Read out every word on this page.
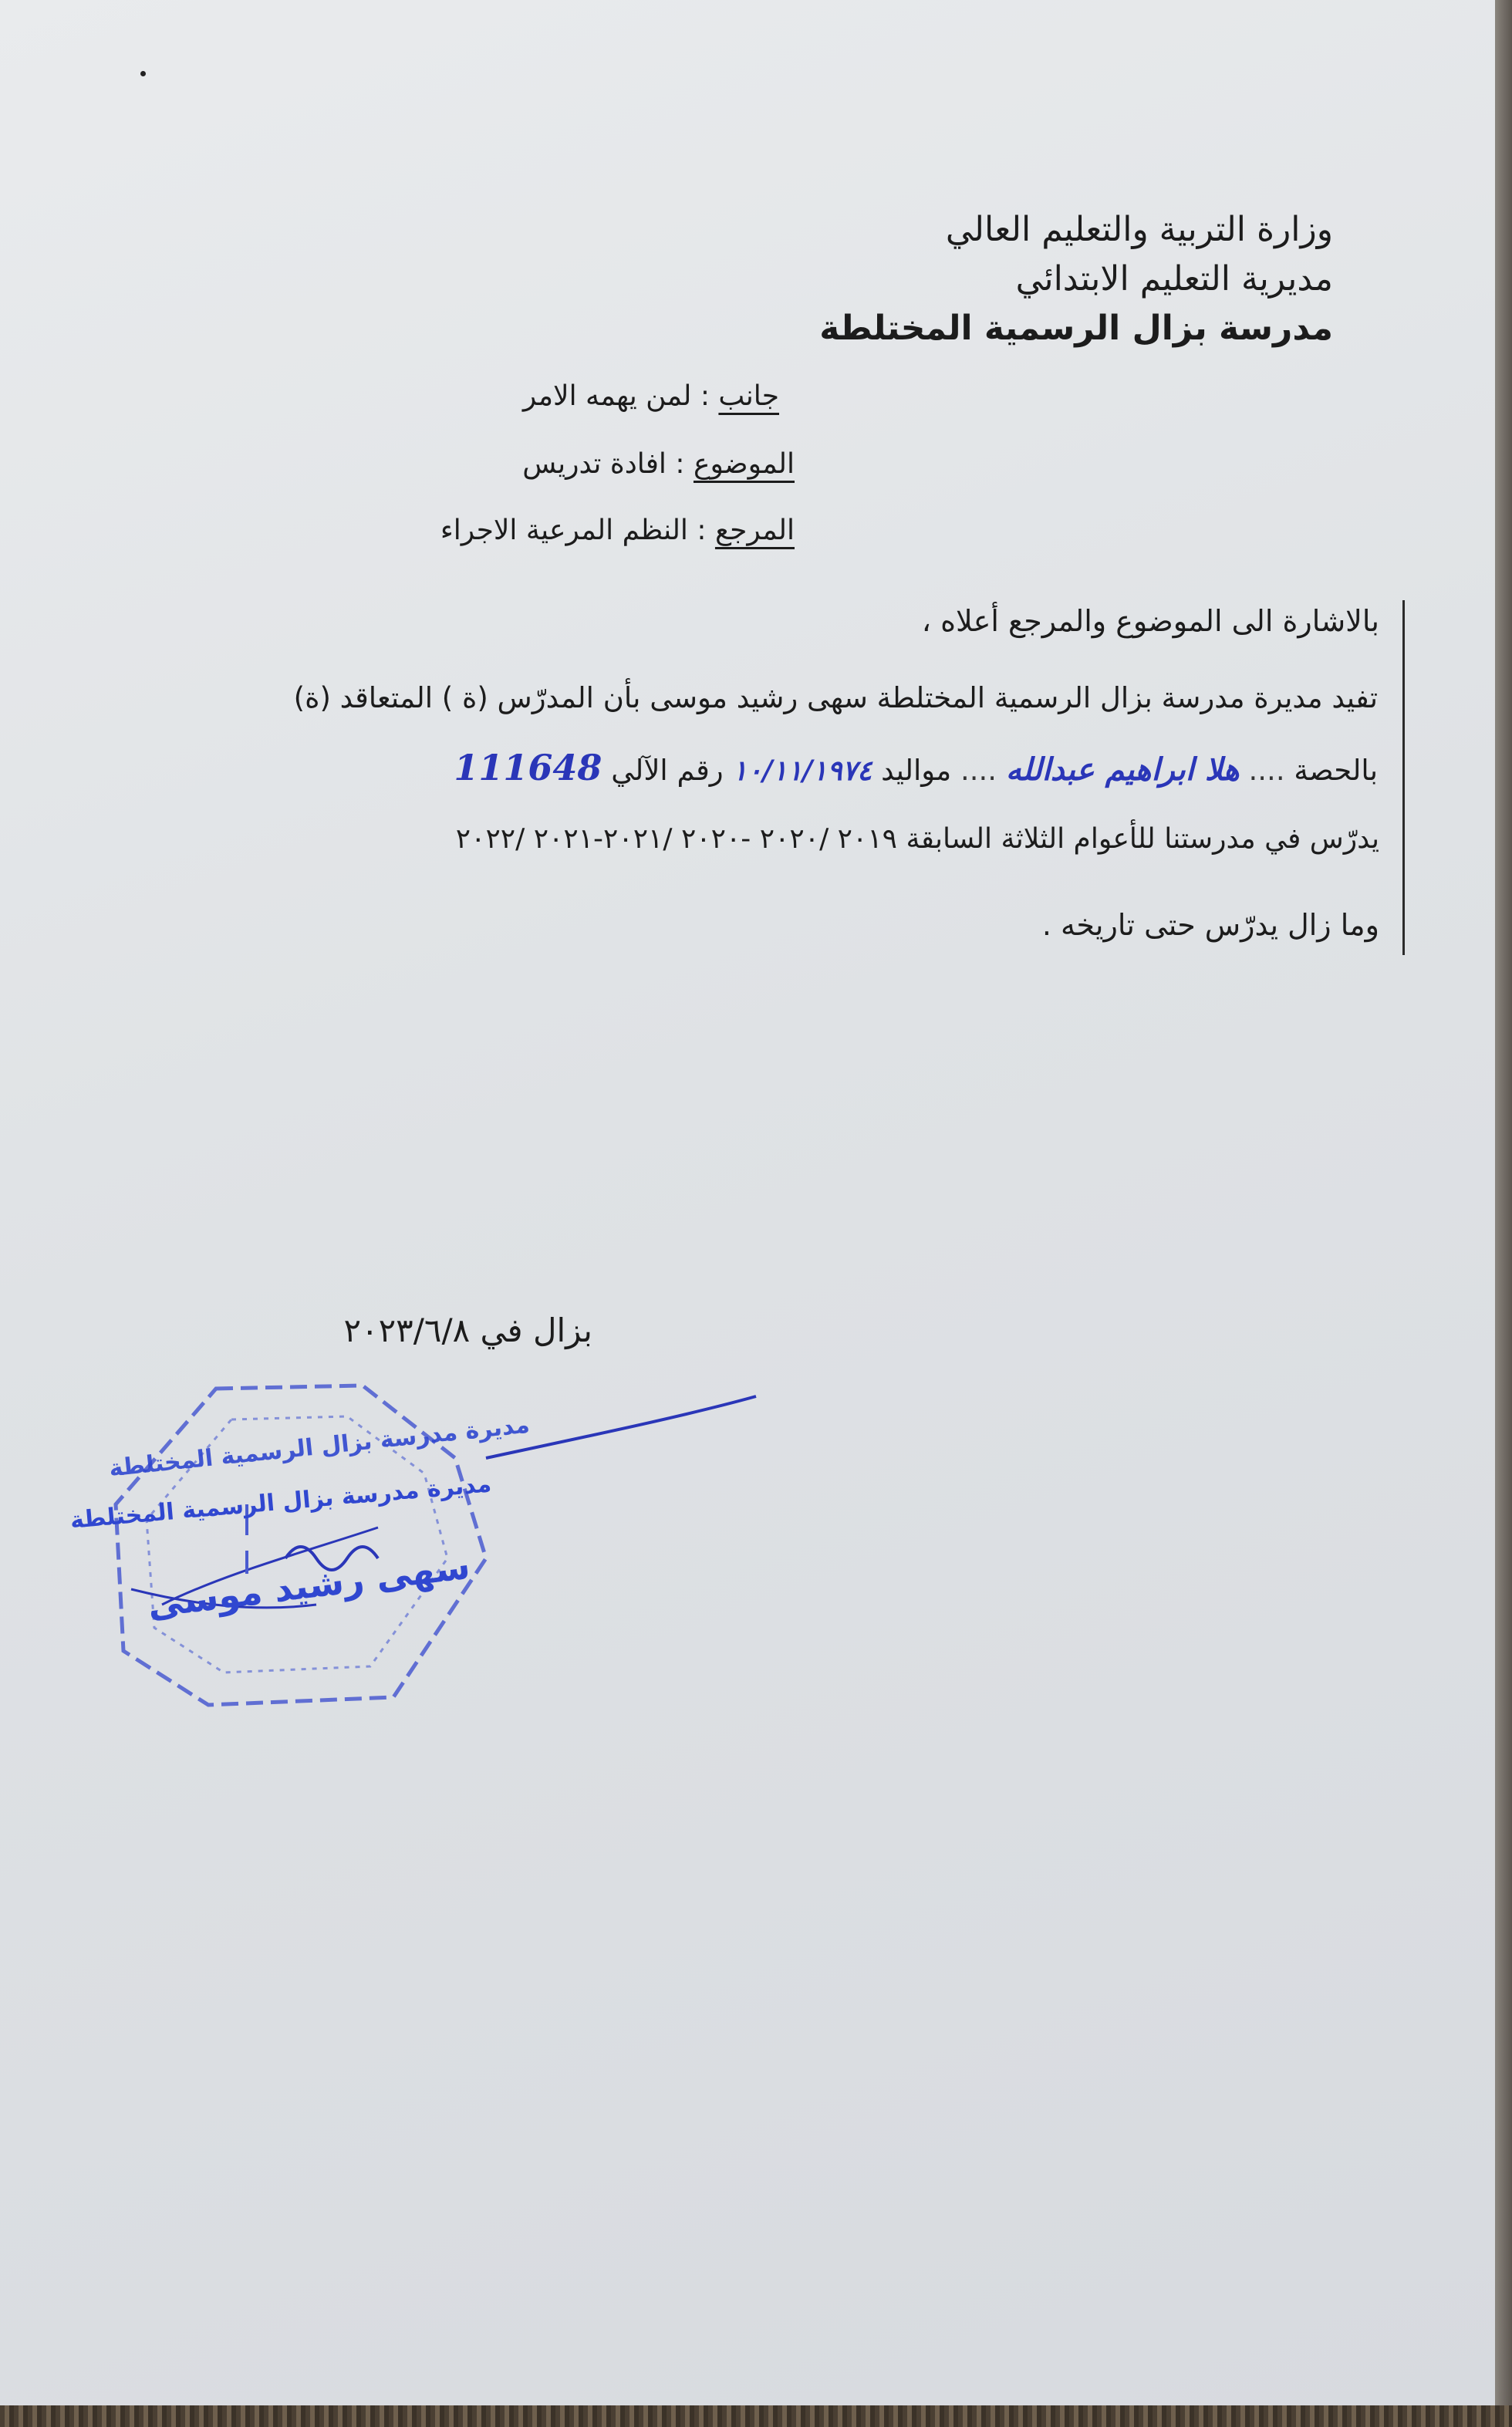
وزارة التربية والتعليم العالي
مديرية التعليم الابتدائي
مدرسة بزال الرسمية المختلطة
جانب : لمن يهمه الامر
الموضوع : افادة تدريس
المرجع : النظم المرعية الاجراء
بالاشارة الى الموضوع والمرجع أعلاه ،
تفيد مديرة مدرسة بزال الرسمية المختلطة سهى رشيد موسى بأن المدرّس (ة ) المتعاقد (ة)
بالحصة .... هلا ابراهيم عبدالله .... مواليد ١٠/١١/١٩٧٤ رقم الآلي 111648
يدرّس في مدرستنا للأعوام الثلاثة السابقة ٢٠١٩ /٢٠٢٠ -٢٠٢٠ /٢٠٢١-٢٠٢١ /٢٠٢٢
وما زال يدرّس حتى تاريخه .
بزال في ٢٠٢٣/٦/٨
مديرة مدرسة بزال الرسمية المختلطة
مديرة مدرسة بزال الرسمية المختلطة
سهى رشيد موسى
